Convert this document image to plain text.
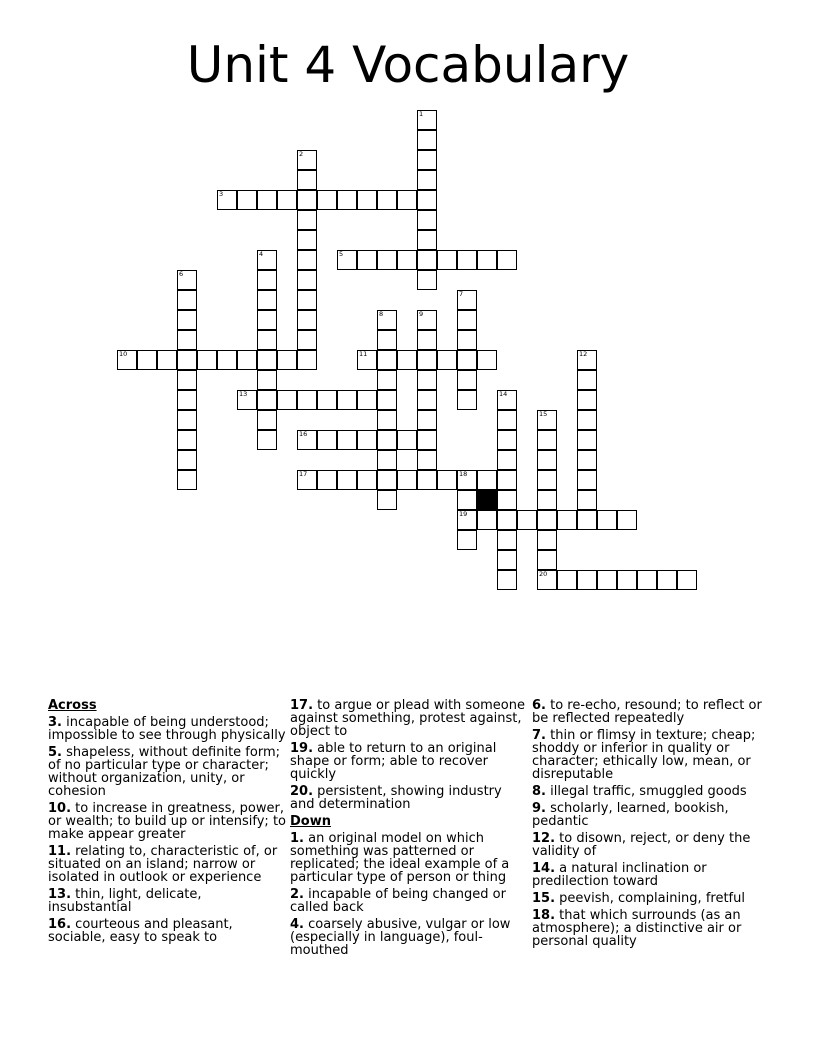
Unit 4 Vocabulary
1
2
3
4	5
6
7
8	9
10	11	12
13	14
15
16
17	18
19
20
Across
3. incapable of being understood; impossible to see through physically
5. shapeless, without definite form; of no particular type or character; without organization, unity, or cohesion
10. to increase in greatness, power, or wealth; to build up or intensify; to make appear greater
11. relating to, characteristic of, or situated on an island; narrow or isolated in outlook or experience
13. thin, light, delicate, insubstantial
16. courteous and pleasant, sociable, easy to speak to
17. to argue or plead with someone against something, protest against, object to
19. able to return to an original shape or form; able to recover quickly
20. persistent, showing industry and determination
Down
1. an original model on which something was patterned or replicated; the ideal example of a particular type of person or thing
2. incapable of being changed or called back
4. coarsely abusive, vulgar or low (especially in language), foul-mouthed
6. to re-echo, resound; to reflect or be reflected repeatedly
7. thin or flimsy in texture; cheap; shoddy or inferior in quality or character; ethically low, mean, or disreputable
8. illegal traffic, smuggled goods
9. scholarly, learned, bookish, pedantic
12. to disown, reject, or deny the validity of
14. a natural inclination or predilection toward
15. peevish, complaining, fretful
18. that which surrounds (as an atmosphere); a distinctive air or personal quality
